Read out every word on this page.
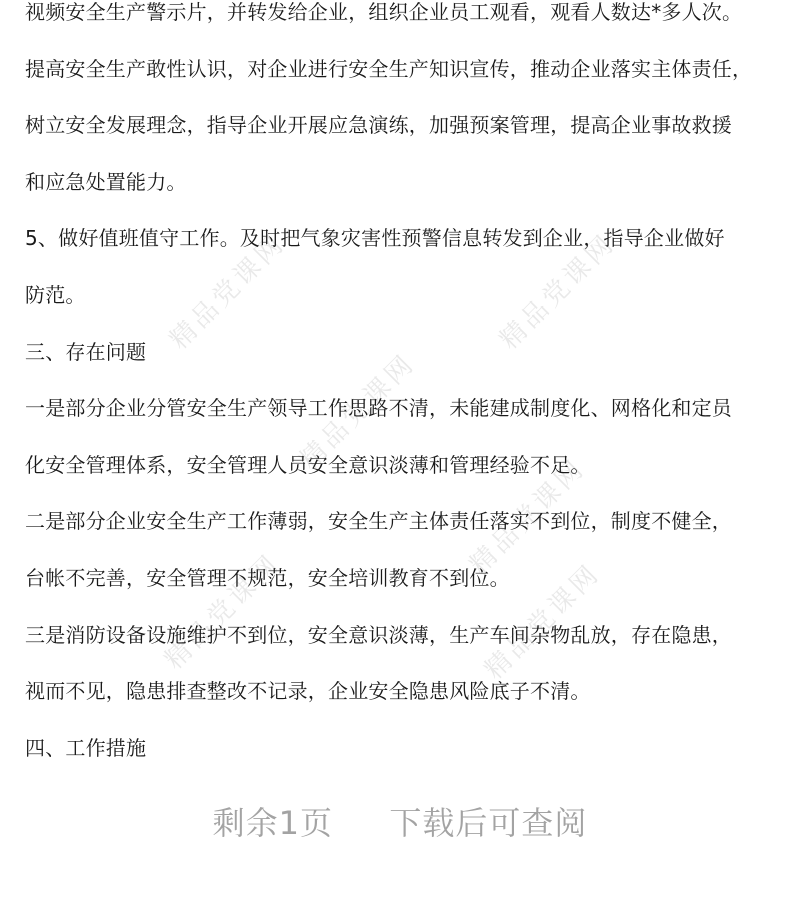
精品党课网	精品党课网
精品党课网
精品党课网	精品党课网
精品党课网
视频安全生产警示片，并转发给企业，组织企业员工观看，观看人数达*多人次。
提高安全生产敢性认识，对企业进行安全生产知识宣传，推动企业落实主体责任，
树立安全发展理念，指导企业开展应急演练，加强预案管理，提高企业事故救援
和应急处置能力。
5、做好值班值守工作。及时把气象灾害性预警信息转发到企业，指导企业做好
防范。
三、存在问题
一是部分企业分管安全生产领导工作思路不清，未能建成制度化、网格化和定员
化安全管理体系，安全管理人员安全意识淡薄和管理经验不足。
二是部分企业安全生产工作薄弱，安全生产主体责任落实不到位，制度不健全，
台帐不完善，安全管理不规范，安全培训教育不到位。
三是消防设备设施维护不到位，安全意识淡薄，生产车间杂物乱放，存在隐患，
视而不见，隐患排查整改不记录，企业安全隐患风险底子不清。
四、工作措施
剩余1页 下载后可查阅
